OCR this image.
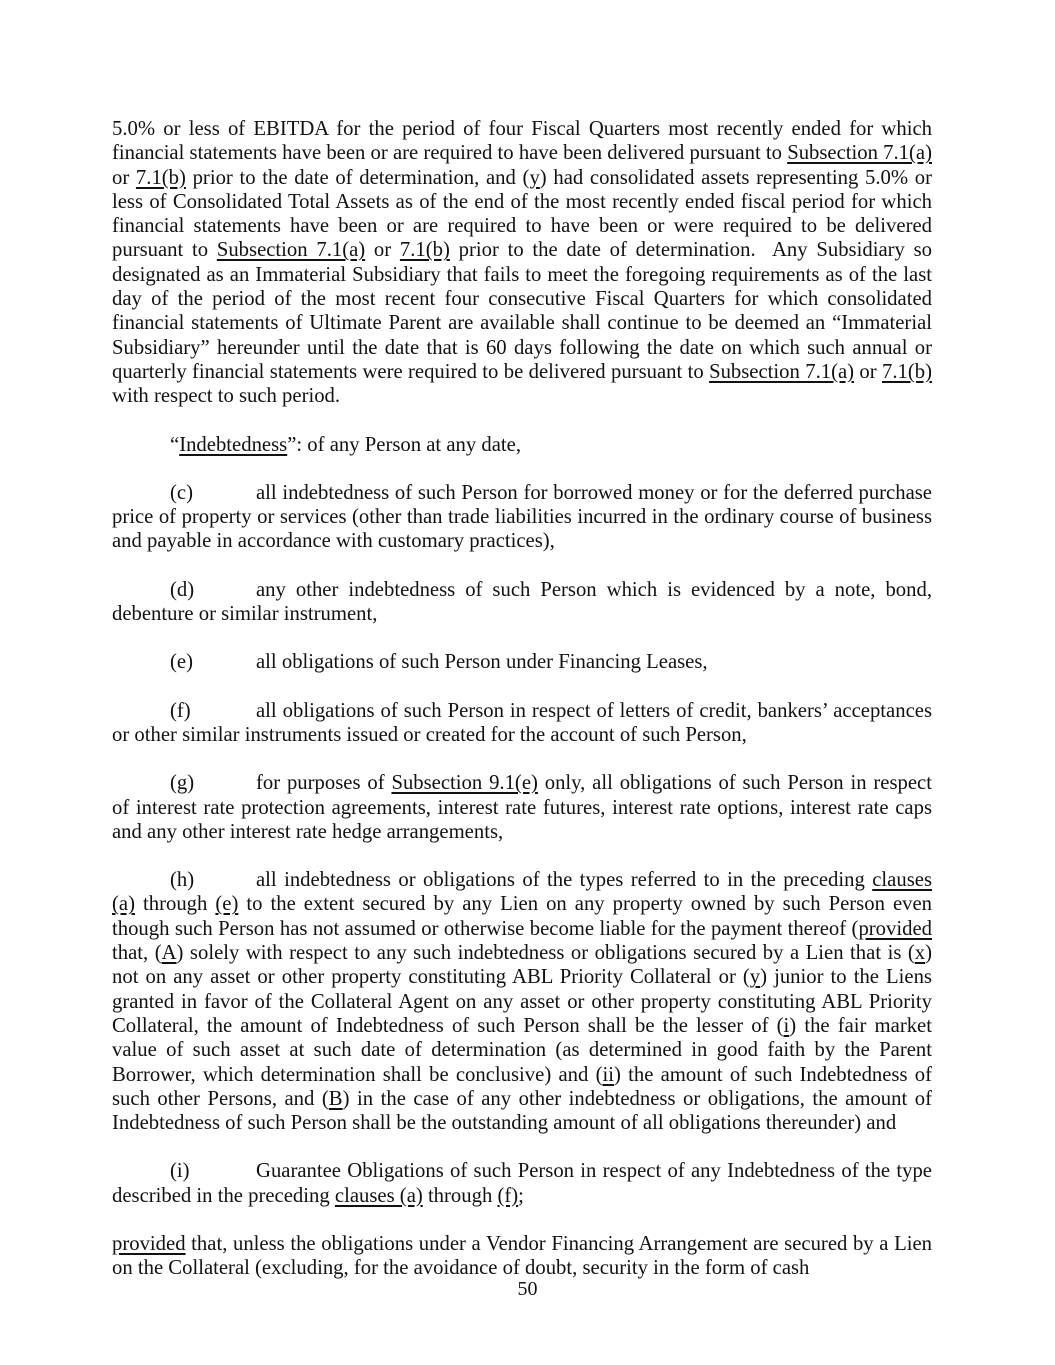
5.0% or less of EBITDA for the period of four Fiscal Quarters most recently ended for which financial statements have been or are required to have been delivered pursuant to Subsection 7.1(a) or 7.1(b) prior to the date of determination, and (y) had consolidated assets representing 5.0% or less of Consolidated Total Assets as of the end of the most recently ended fiscal period for which financial statements have been or are required to have been or were required to be delivered pursuant to Subsection 7.1(a) or 7.1(b) prior to the date of determination.  Any Subsidiary so designated as an Immaterial Subsidiary that fails to meet the foregoing requirements as of the last day of the period of the most recent four consecutive Fiscal Quarters for which consolidated financial statements of Ultimate Parent are available shall continue to be deemed an “Immaterial Subsidiary” hereunder until the date that is 60 days following the date on which such annual or quarterly financial statements were required to be delivered pursuant to Subsection 7.1(a) or 7.1(b) with respect to such period.

“Indebtedness”: of any Person at any date,

(c)	all indebtedness of such Person for borrowed money or for the deferred purchase price of property or services (other than trade liabilities incurred in the ordinary course of business and payable in accordance with customary practices),

(d)	any other indebtedness of such Person which is evidenced by a note, bond, debenture or similar instrument,

(e)	all obligations of such Person under Financing Leases,

(f)	all obligations of such Person in respect of letters of credit, bankers’ acceptances or other similar instruments issued or created for the account of such Person,

(g)	for purposes of Subsection 9.1(e) only, all obligations of such Person in respect of interest rate protection agreements, interest rate futures, interest rate options, interest rate caps and any other interest rate hedge arrangements,

(h)	all indebtedness or obligations of the types referred to in the preceding clauses (a) through (e) to the extent secured by any Lien on any property owned by such Person even though such Person has not assumed or otherwise become liable for the payment thereof (provided that, (A) solely with respect to any such indebtedness or obligations secured by a Lien that is (x) not on any asset or other property constituting ABL Priority Collateral or (y) junior to the Liens granted in favor of the Collateral Agent on any asset or other property constituting ABL Priority Collateral, the amount of Indebtedness of such Person shall be the lesser of (i) the fair market value of such asset at such date of determination (as determined in good faith by the Parent Borrower, which determination shall be conclusive) and (ii) the amount of such Indebtedness of such other Persons, and (B) in the case of any other indebtedness or obligations, the amount of Indebtedness of such Person shall be the outstanding amount of all obligations thereunder) and

(i)	Guarantee Obligations of such Person in respect of any Indebtedness of the type described in the preceding clauses (a) through (f);

provided that, unless the obligations under a Vendor Financing Arrangement are secured by a Lien on the Collateral (excluding, for the avoidance of doubt, security in the form of cash

50
